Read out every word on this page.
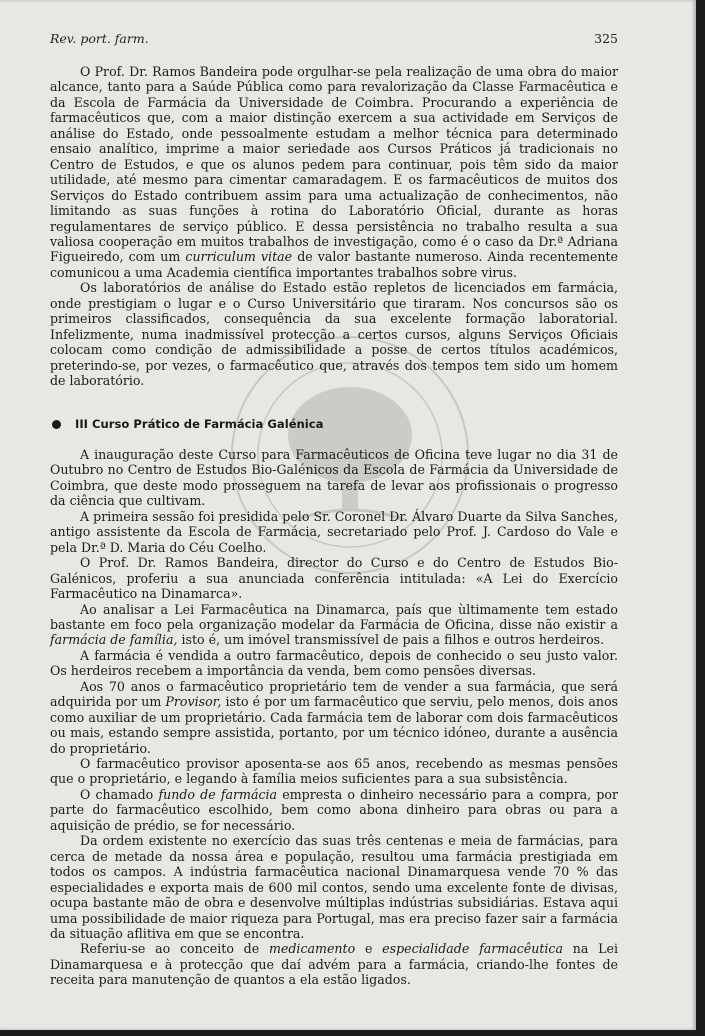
Rev. port. farm.	325

O Prof. Dr. Ramos Bandeira pode orgulhar-se pela realização de uma obra do maior alcance, tanto para a Saúde Pública como para revalorização da Classe Farmacêutica e da Escola de Farmácia da Universidade de Coimbra. Procurando a experiência de farmacêuticos que, com a maior distinção exercem a sua actividade em Serviços de análise do Estado, onde pessoalmente estudam a melhor técnica para determinado ensaio analítico, imprime a maior seriedade aos Cursos Práticos já tradicionais no Centro de Estudos, e que os alunos pedem para continuar, pois têm sido da maior utilidade, até mesmo para cimentar camaradagem. E os farmacêuticos de muitos dos Serviços do Estado contribuem assim para uma actualização de conhecimentos, não limitando as suas funções à rotina do Laboratório Oficial, durante as horas regulamentares de serviço público. E dessa persistência no trabalho resulta a sua valiosa cooperação em muitos trabalhos de investigação, como é o caso da Dr.ª Adriana Figueiredo, com um curriculum vitae de valor bastante numeroso. Ainda recentemente comunicou a uma Academia científica importantes trabalhos sobre virus.

Os laboratórios de análise do Estado estão repletos de licenciados em farmácia, onde prestigiam o lugar e o Curso Universitário que tiraram. Nos concursos são os primeiros classificados, consequência da sua excelente formação laboratorial. Infelizmente, numa inadmissível protecção a certos cursos, alguns Serviços Oficiais colocam como condição de admissibilidade a posse de certos títulos académicos, preterindo-se, por vezes, o farmacêutico que, através dos tempos tem sido um homem de laboratório.

III Curso Prático de Farmácia Galénica

A inauguração deste Curso para Farmacêuticos de Oficina teve lugar no dia 31 de Outubro no Centro de Estudos Bio-Galénicos da Escola de Farmácia da Universidade de Coimbra, que deste modo prosseguem na tarefa de levar aos profissionais o progresso da ciência que cultivam.

A primeira sessão foi presidida pelo Sr. Coronel Dr. Álvaro Duarte da Silva Sanches, antigo assistente da Escola de Farmácia, secretariado pelo Prof. J. Cardoso do Vale e pela Dr.ª D. Maria do Céu Coelho.

O Prof. Dr. Ramos Bandeira, director do Curso e do Centro de Estudos Bio-Galénicos, proferiu a sua anunciada conferência intitulada: «A Lei do Exercício Farmacêutico na Dinamarca».

Ao analisar a Lei Farmacêutica na Dinamarca, país que ùltimamente tem estado bastante em foco pela organização modelar da Farmácia de Oficina, disse não existir a farmácia de família, isto é, um imóvel transmissível de pais a filhos e outros herdeiros.

A farmácia é vendida a outro farmacêutico, depois de conhecido o seu justo valor. Os herdeiros recebem a importância da venda, bem como pensões diversas.

Aos 70 anos o farmacêutico proprietário tem de vender a sua farmácia, que será adquirida por um Provisor, isto é por um farmacêutico que serviu, pelo menos, dois anos como auxiliar de um proprietário. Cada farmácia tem de laborar com dois farmacêuticos ou mais, estando sempre assistida, portanto, por um técnico idóneo, durante a ausência do proprietário.

O farmacêutico provisor aposenta-se aos 65 anos, recebendo as mesmas pensões que o proprietário, e legando à família meios suficientes para a sua subsistência.

O chamado fundo de farmácia empresta o dinheiro necessário para a compra, por parte do farmacêutico escolhido, bem como abona dinheiro para obras ou para a aquisição de prédio, se for necessário.

Da ordem existente no exercício das suas três centenas e meia de farmácias, para cerca de metade da nossa área e população, resultou uma farmácia prestigiada em todos os campos. A indústria farmacêutica nacional Dinamarquesa vende 70 % das especialidades e exporta mais de 600 mil contos, sendo uma excelente fonte de divisas, ocupa bastante mão de obra e desenvolve múltiplas indústrias subsidiárias. Estava aqui uma possibilidade de maior riqueza para Portugal, mas era preciso fazer sair a farmácia da situação aflitiva em que se encontra.

Referiu-se ao conceito de medicamento e especialidade farmacêutica na Lei Dinamarquesa e à protecção que daí advém para a farmácia, criando-lhe fontes de receita para manutenção de quantos a ela estão ligados.
